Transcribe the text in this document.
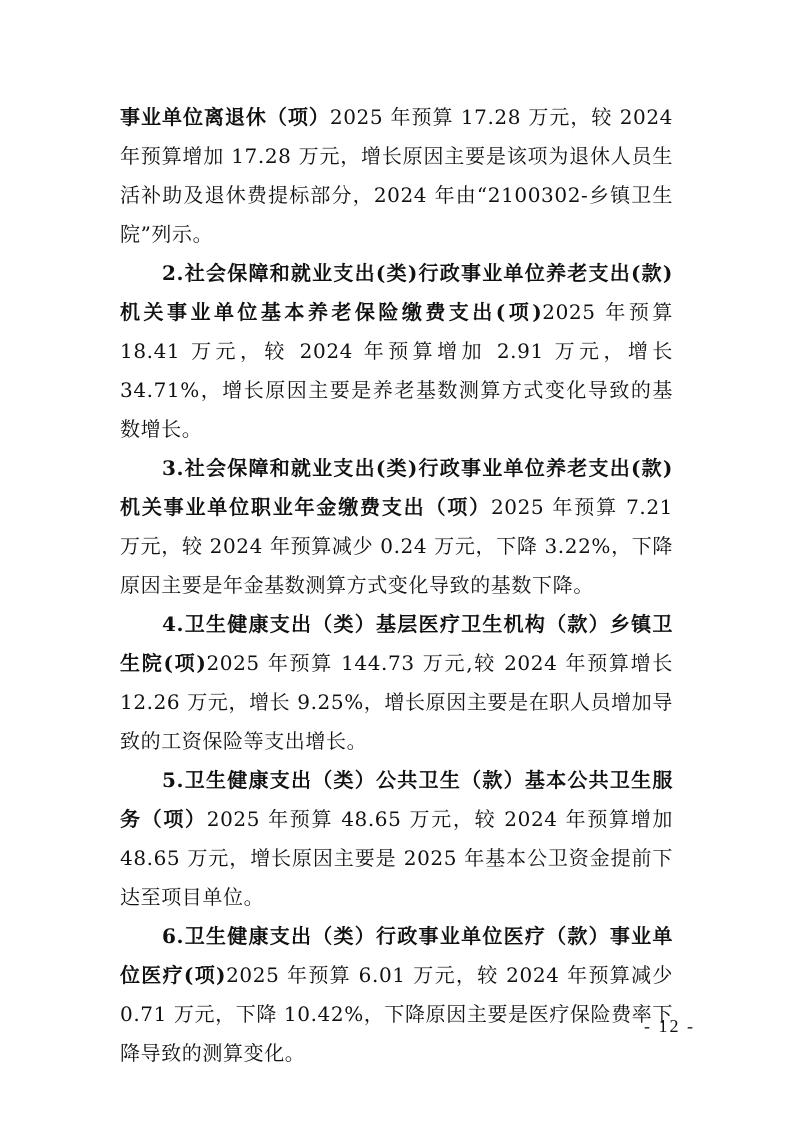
事业单位离退休（项）2025 年预算 17.28 万元，较 2024 年预算增加 17.28 万元，增长原因主要是该项为退休人员生活补助及退休费提标部分，2024 年由“2100302-乡镇卫生院”列示。

2.社会保障和就业支出(类)行政事业单位养老支出(款)机关事业单位基本养老保险缴费支出(项)2025 年预算 18.41 万元，较 2024 年预算增加 2.91 万元，增长 34.71%，增长原因主要是养老基数测算方式变化导致的基数增长。

3.社会保障和就业支出(类)行政事业单位养老支出(款)机关事业单位职业年金缴费支出（项）2025 年预算 7.21 万元，较 2024 年预算减少 0.24 万元，下降 3.22%，下降原因主要是年金基数测算方式变化导致的基数下降。

4.卫生健康支出（类）基层医疗卫生机构（款）乡镇卫生院(项)2025 年预算 144.73 万元,较 2024 年预算增长 12.26 万元，增长 9.25%，增长原因主要是在职人员增加导致的工资保险等支出增长。

5.卫生健康支出（类）公共卫生（款）基本公共卫生服务（项）2025 年预算 48.65 万元，较 2024 年预算增加 48.65 万元，增长原因主要是 2025 年基本公卫资金提前下达至项目单位。

6.卫生健康支出（类）行政事业单位医疗（款）事业单位医疗(项)2025 年预算 6.01 万元，较 2024 年预算减少 0.71 万元，下降 10.42%，下降原因主要是医疗保险费率下降导致的测算变化。

- 12 -
